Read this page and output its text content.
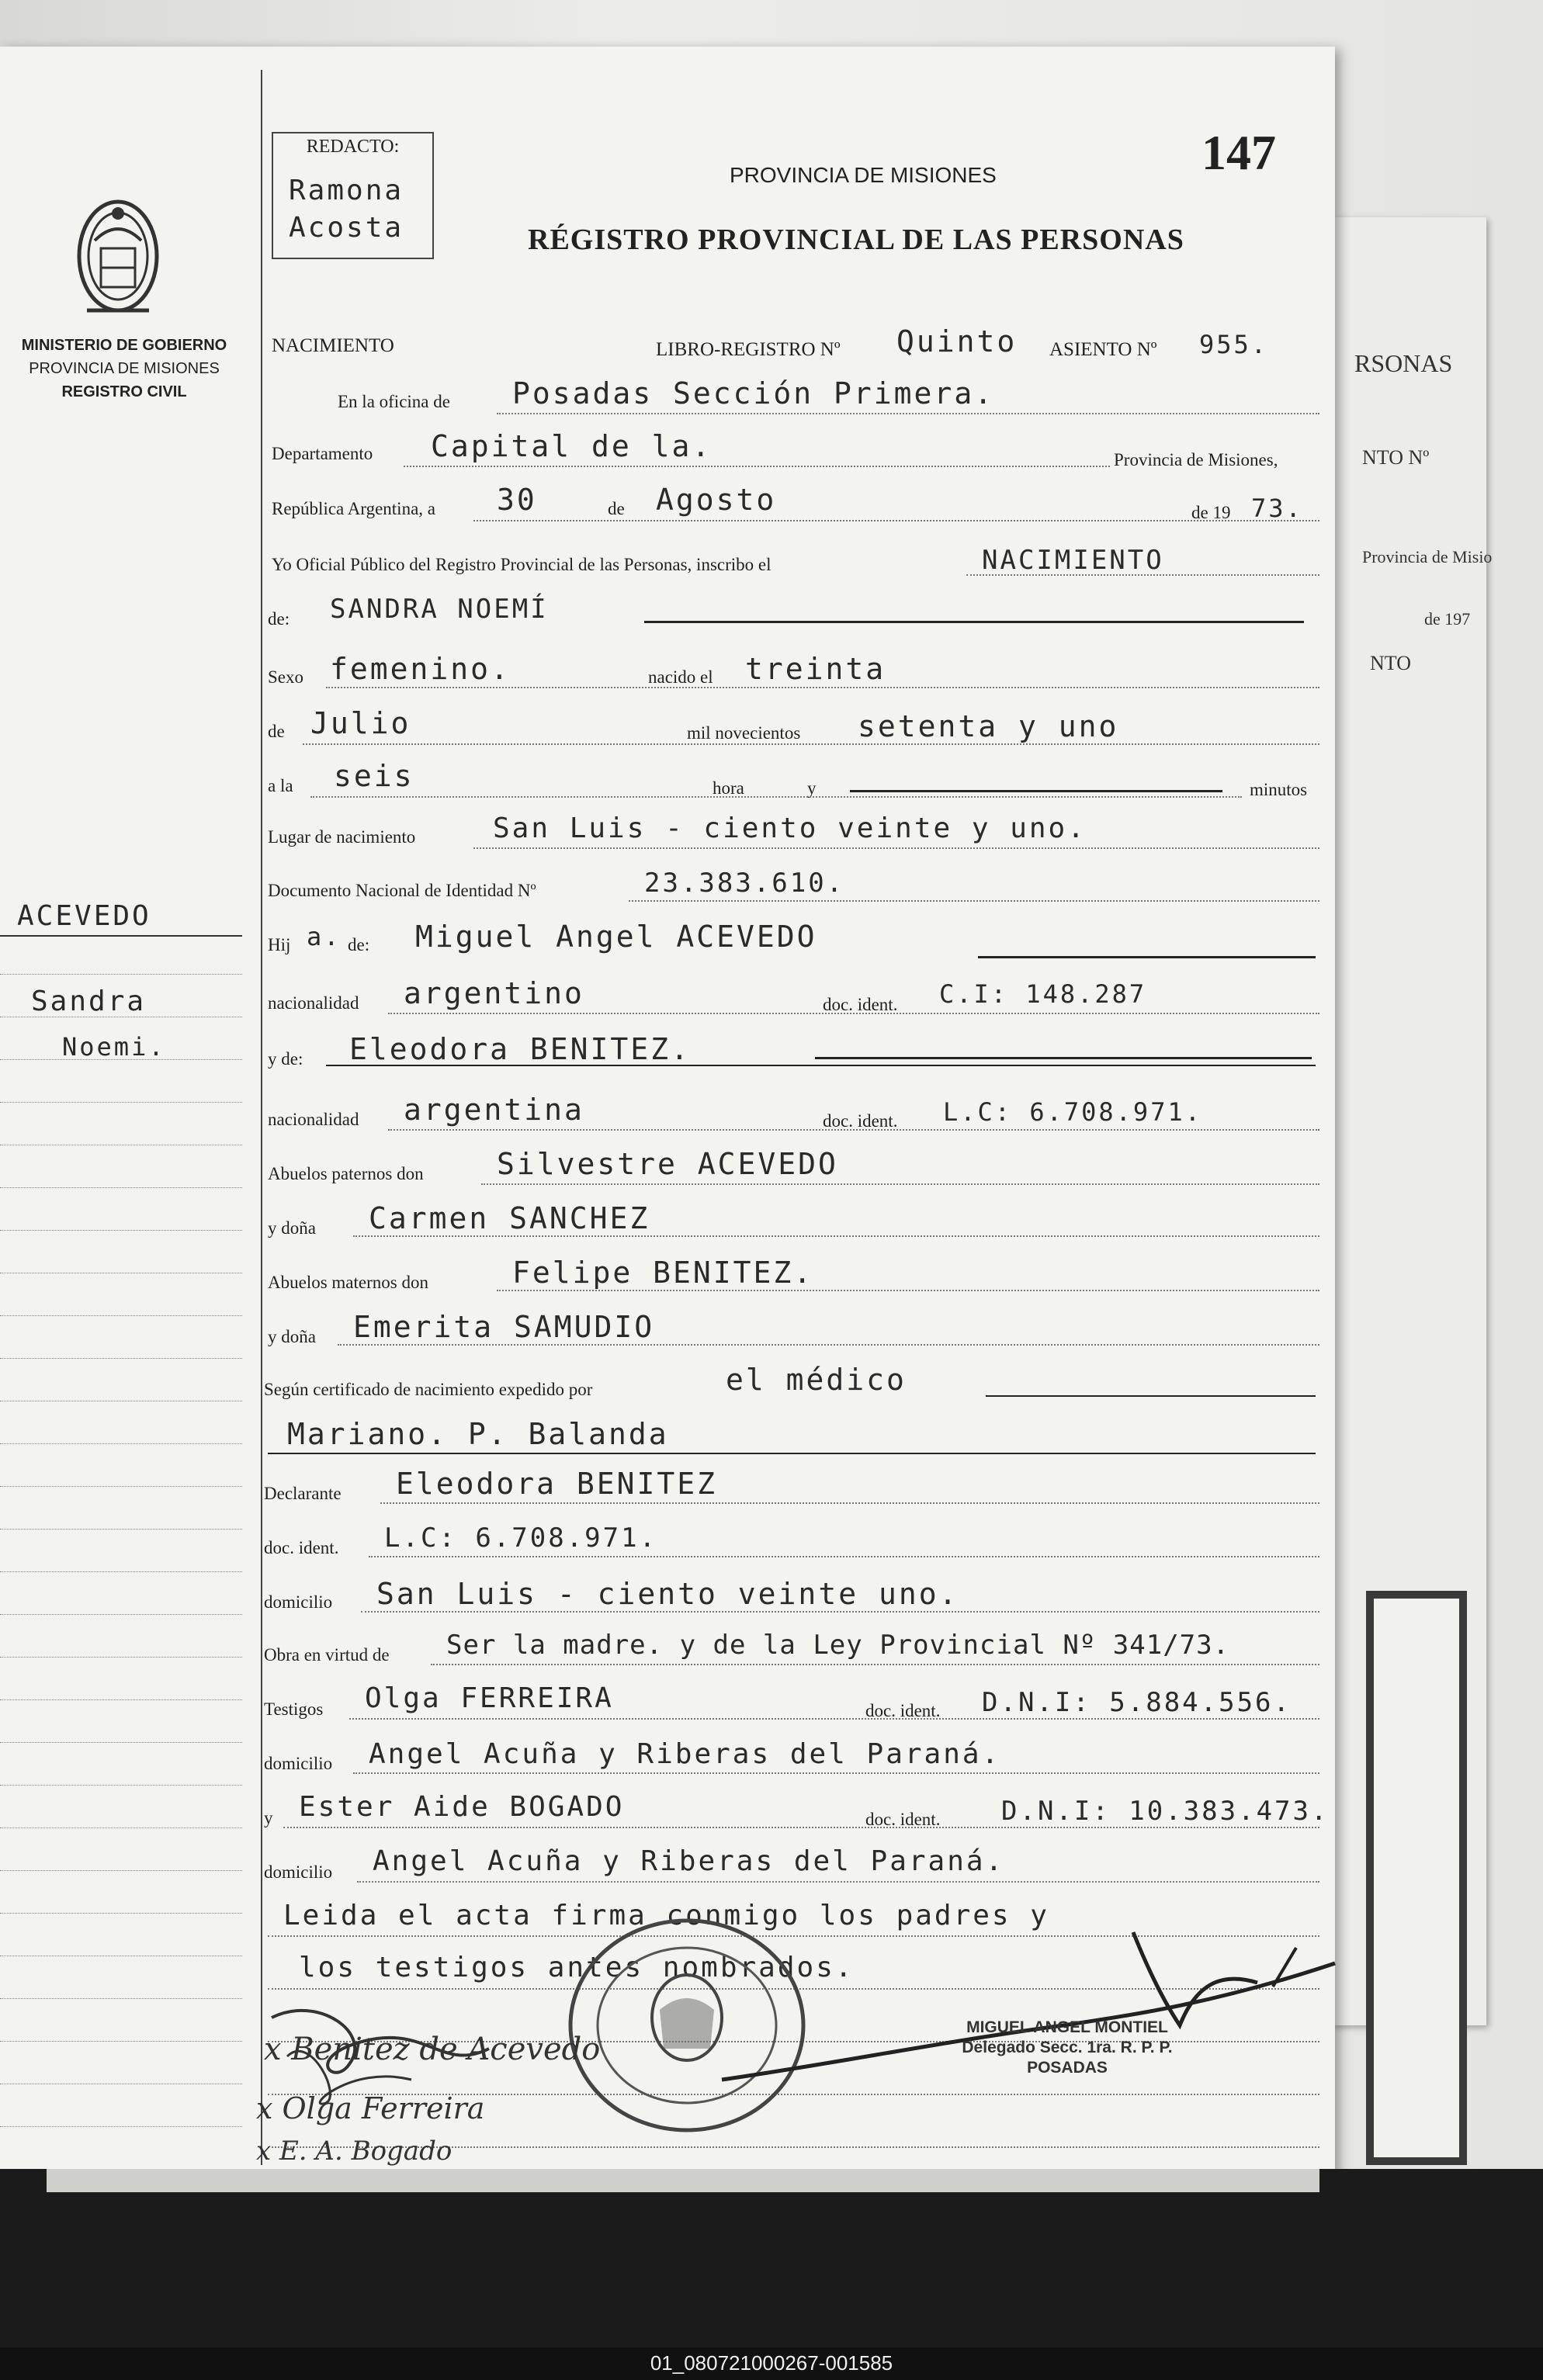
RSONAS
NTO Nº
Provincia de Misio
de 197
NTO
MINISTERIO DE GOBIERNO
PROVINCIA DE MISIONES
REGISTRO CIVIL
REDACTO:
Ramona
Acosta
PROVINCIA DE MISIONES
RÉGISTRO PROVINCIAL DE LAS PERSONAS
147
ACEVEDO
Sandra
Noemi.
NACIMIENTO	LIBRO-REGISTRO Nº Quinto ASIENTO Nº 955.
En la oficina de Posadas Sección Primera.
Departamento Capital de la.	Provincia de Misiones,
República Argentina, a 30	de Agosto	de 19 73.
Yo Oficial Público del Registro Provincial de las Personas, inscribo el	NACIMIENTO
de: SANDRA NOEMÍ
Sexo femenino.	nacido el treinta
de Julio	mil novecientos setenta y uno
a la seis	hora	y	minutos
Lugar de nacimiento	San Luis - ciento veinte y uno.
Documento Nacional de Identidad Nº	23.383.610.
Hij a. de: Miguel Angel ACEVEDO
nacionalidad argentino	doc. ident. C.I: 148.287
y de: Eleodora BENITEZ.
nacionalidad argentina	doc. ident. L.C: 6.708.971.
Abuelos paternos don Silvestre ACEVEDO
y doña Carmen SANCHEZ
Abuelos maternos don	Felipe BENITEZ.
y doña Emerita SAMUDIO
Según certificado de nacimiento expedido por	el médico
Mariano. P. Balanda
Declarante Eleodora BENITEZ
doc. ident. L.C: 6.708.971.
domicilio San Luis - ciento veinte uno.
Obra en virtud de Ser la madre. y de la Ley Provincial Nº 341/73.
Testigos Olga FERREIRA	doc. ident. D.N.I: 5.884.556.
domicilio Angel Acuña y Riberas del Paraná.
y Ester Aide BOGADO	doc. ident. D.N.I: 10.383.473.
domicilio Angel Acuña y Riberas del Paraná.
Leida el acta firma conmigo los padres y
los testigos antes nombrados.
x Benitez de Acevedo
x Olga Ferreira
x E. A. Bogado
MIGUEL ANGEL MONTIEL
Delegado Secc. 1ra. R. P. P.
POSADAS
01_080721000267-001585
